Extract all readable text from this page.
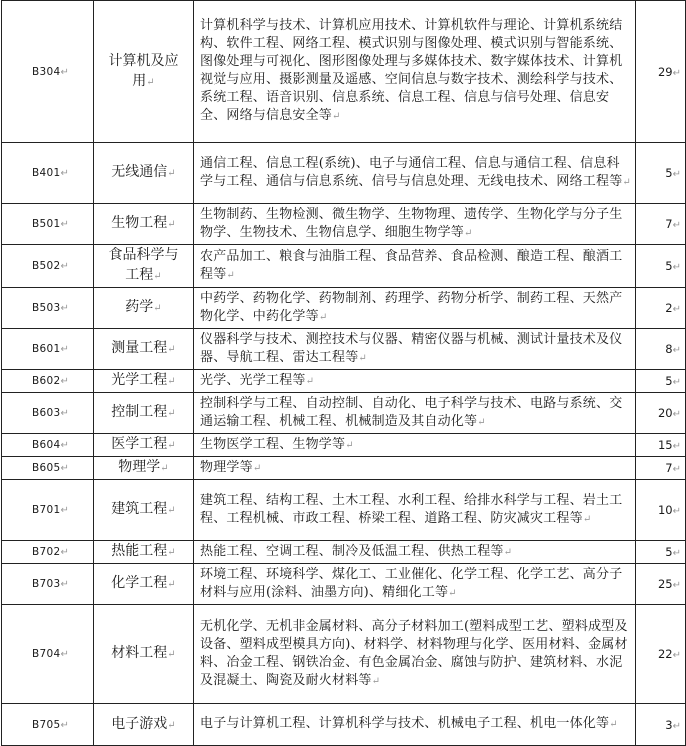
B304↵	计算机及应用↵	计算机科学与技术、计算机应用技术、计算机软件与理论、计算机系统结构、软件工程、网络工程、模式识别与图像处理、模式识别与智能系统、图像处理与可视化、图形图像处理与多媒体技术、数字媒体技术、计算机视觉与应用、摄影测量及遥感、空间信息与数字技术、测绘科学与技术、系统工程、语音识别、信息系统、信息工程、信息与信号处理、信息安全、网络与信息安全等↵	29↵
B401↵	无线通信↵	通信工程、信息工程(系统)、电子与通信工程、信息与通信工程、信息科学与工程、通信与信息系统、信号与信息处理、无线电技术、网络工程等↵	5↵
B501↵	生物工程↵	生物制药、生物检测、微生物学、生物物理、遗传学、生物化学与分子生物学、生物技术、生物信息学、细胞生物学等↵	7↵
B502↵	食品科学与工程↵	农产品加工、粮食与油脂工程、食品营养、食品检测、酿造工程、酿酒工程等↵	5↵
B503↵	药学↵	中药学、药物化学、药物制剂、药理学、药物分析学、制药工程、天然产物化学、中药化学等↵	2↵
B601↵	测量工程↵	仪器科学与技术、测控技术与仪器、精密仪器与机械、测试计量技术及仪器、导航工程、雷达工程等↵	8↵
B602↵	光学工程↵	光学、光学工程等↵	5↵
B603↵	控制工程↵	控制科学与工程、自动控制、自动化、电子科学与技术、电路与系统、交通运输工程、机械工程、机械制造及其自动化等↵	20↵
B604↵	医学工程↵	生物医学工程、生物学等↵	15↵
B605↵	物理学↵	物理学等↵	7↵
B701↵	建筑工程↵	建筑工程、结构工程、土木工程、水利工程、给排水科学与工程、岩土工程、工程机械、市政工程、桥梁工程、道路工程、防灾减灾工程等↵	10↵
B702↵	热能工程↵	热能工程、空调工程、制冷及低温工程、供热工程等↵	5↵
B703↵	化学工程↵	环境工程、环境科学、煤化工、工业催化、化学工程、化学工艺、高分子材料与应用(涂料、油墨方向)、精细化工等↵	25↵
B704↵	材料工程↵	无机化学、无机非金属材料、高分子材料加工(塑料成型工艺、塑料成型及设备、塑料成型模具方向)、材料学、材料物理与化学、医用材料、金属材料、冶金工程、钢铁冶金、有色金属冶金、腐蚀与防护、建筑材料、水泥及混凝土、陶瓷及耐火材料等↵	22↵
B705↵	电子游戏↵	电子与计算机工程、计算机科学与技术、机械电子工程、机电一体化等↵	3↵
